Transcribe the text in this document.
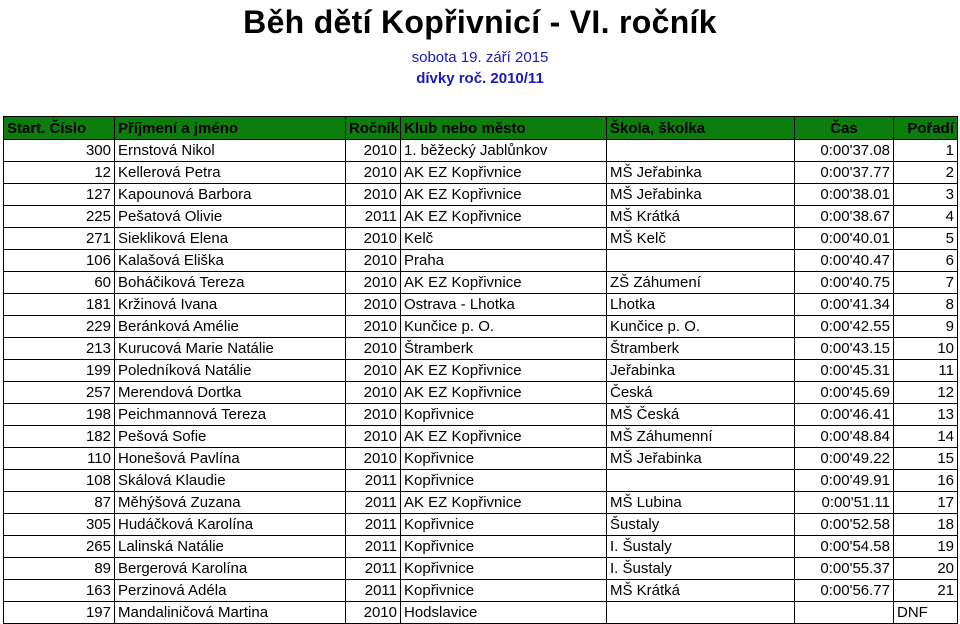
Běh dětí Kopřivnicí - VI. ročník
sobota 19. září 2015
dívky roč. 2010/11
Start. Číslo	Příjmení a jméno	Ročník	Klub nebo město	Škola, školka	Čas	Pořadí
300	Ernstová Nikol	2010	1. běžecký Jablůnkov		0:00'37.08	1
12	Kellerová Petra	2010	AK EZ Kopřivnice	MŠ Jeřabinka	0:00'37.77	2
127	Kapounová Barbora	2010	AK EZ Kopřivnice	MŠ Jeřabinka	0:00'38.01	3
225	Pešatová Olivie	2011	AK EZ Kopřivnice	MŠ Krátká	0:00'38.67	4
271	Siekliková Elena	2010	Kelč	MŠ Kelč	0:00'40.01	5
106	Kalašová Eliška	2010	Praha		0:00'40.47	6
60	Boháčiková Tereza	2010	AK EZ Kopřivnice	ZŠ Záhumení	0:00'40.75	7
181	Kržinová Ivana	2010	Ostrava - Lhotka	Lhotka	0:00'41.34	8
229	Beránková Amélie	2010	Kunčice p. O.	Kunčice p. O.	0:00'42.55	9
213	Kurucová Marie Natálie	2010	Štramberk	Štramberk	0:00'43.15	10
199	Poledníková Natálie	2010	AK EZ Kopřivnice	Jeřabinka	0:00'45.31	11
257	Merendová Dortka	2010	AK EZ Kopřivnice	Česká	0:00'45.69	12
198	Peichmannová Tereza	2010	Kopřivnice	MŠ Česká	0:00'46.41	13
182	Pešová Sofie	2010	AK EZ Kopřivnice	MŠ Záhumenní	0:00'48.84	14
110	Honešová Pavlína	2010	Kopřivnice	MŠ Jeřabinka	0:00'49.22	15
108	Skálová Klaudie	2011	Kopřivnice		0:00'49.91	16
87	Měhýšová Zuzana	2011	AK EZ Kopřivnice	MŠ Lubina	0:00'51.11	17
305	Hudáčková Karolína	2011	Kopřivnice	Šustaly	0:00'52.58	18
265	Lalinská Natálie	2011	Kopřivnice	I. Šustaly	0:00'54.58	19
89	Bergerová Karolína	2011	Kopřivnice	I. Šustaly	0:00'55.37	20
163	Perzinová Adéla	2011	Kopřivnice	MŠ Krátká	0:00'56.77	21
197	Mandaliničová Martina	2010	Hodslavice			DNF
